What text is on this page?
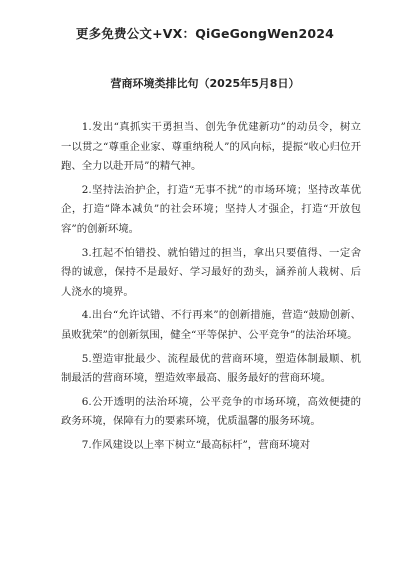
更多免费公文+VX：QiGeGongWen2024
营商环境类排比句（2025年5月8日）

1.发出“真抓实干勇担当、创先争优建新功”的动员令，树立一以贯之“尊重企业家、尊重纳税人”的风向标，提振“收心归位开跑、全力以赴开局”的精气神。

2.坚持法治护企，打造“无事不扰”的市场环境；坚持改革优企，打造“降本减负”的社会环境；坚持人才强企，打造“开放包容”的创新环境。

3.扛起不怕错投、就怕错过的担当，拿出只要值得、一定舍得的诚意，保持不是最好、学习最好的劲头，涵养前人栽树、后人浇水的境界。

4.出台“允许试错、不行再来”的创新措施，营造“鼓励创新、虽败犹荣”的创新氛围，健全“平等保护、公平竞争”的法治环境。

5.塑造审批最少、流程最优的营商环境，塑造体制最顺、机制最活的营商环境，塑造效率最高、服务最好的营商环境。

6.公开透明的法治环境，公平竞争的市场环境，高效便捷的政务环境，保障有力的要素环境，优质温馨的服务环境。

7.作风建设以上率下树立“最高标杆”，营商环境对
